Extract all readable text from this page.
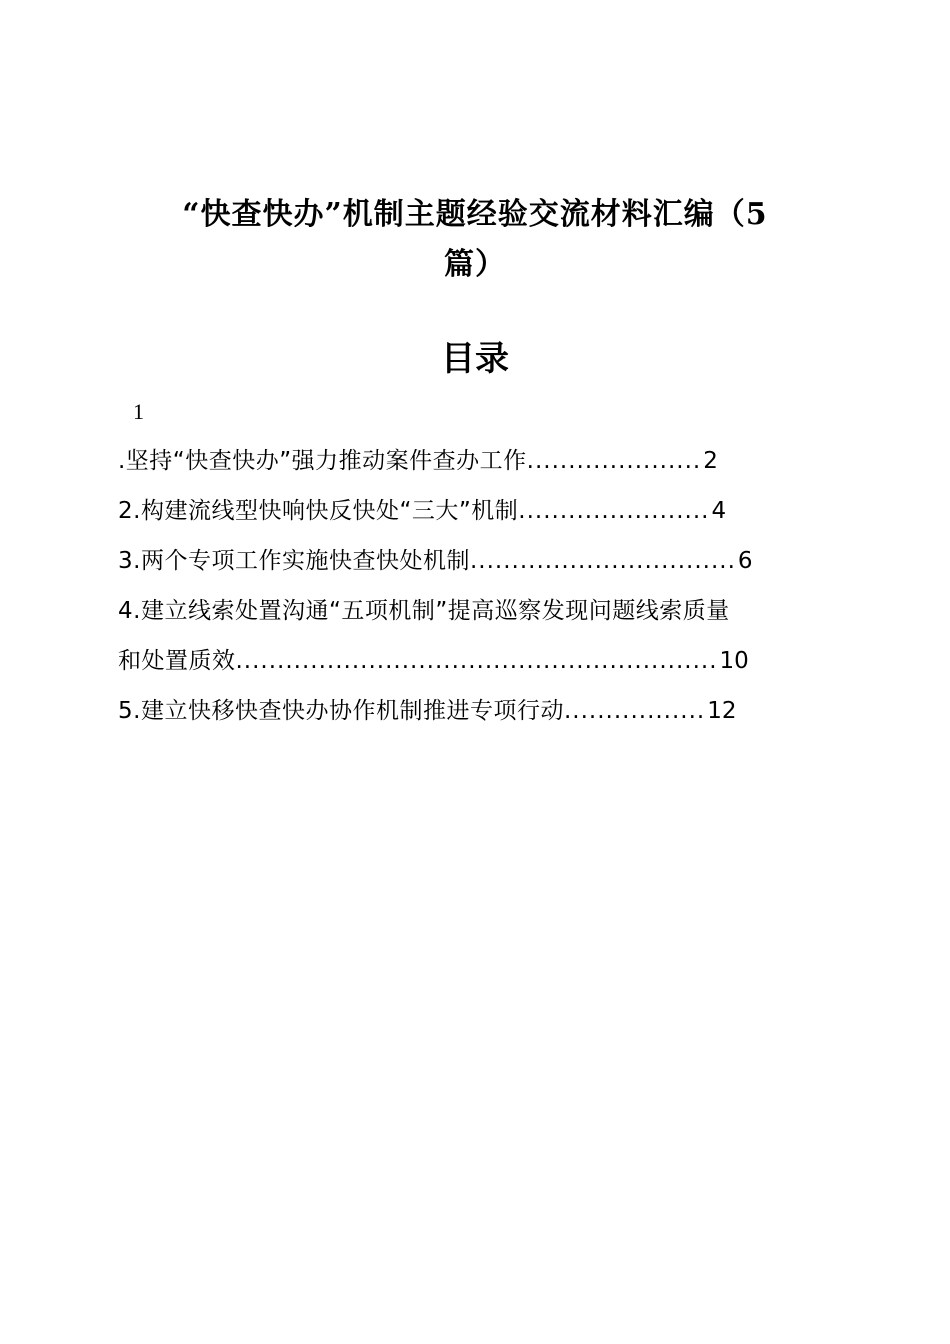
“快查快办”机制主题经验交流材料汇编（5
篇）
目录
1
.坚持“快查快办”强力推动案件查办工作 ..................... 2
2.构建流线型快响快反快处“三大”机制 ....................... 4
3.两个专项工作实施快查快处机制 ................................ 6
4.建立线索处置沟通“五项机制”提高巡察发现问题线索质量
和处置质效 .......................................................... 10
5.建立快移快查快办协作机制推进专项行动 ................. 12
